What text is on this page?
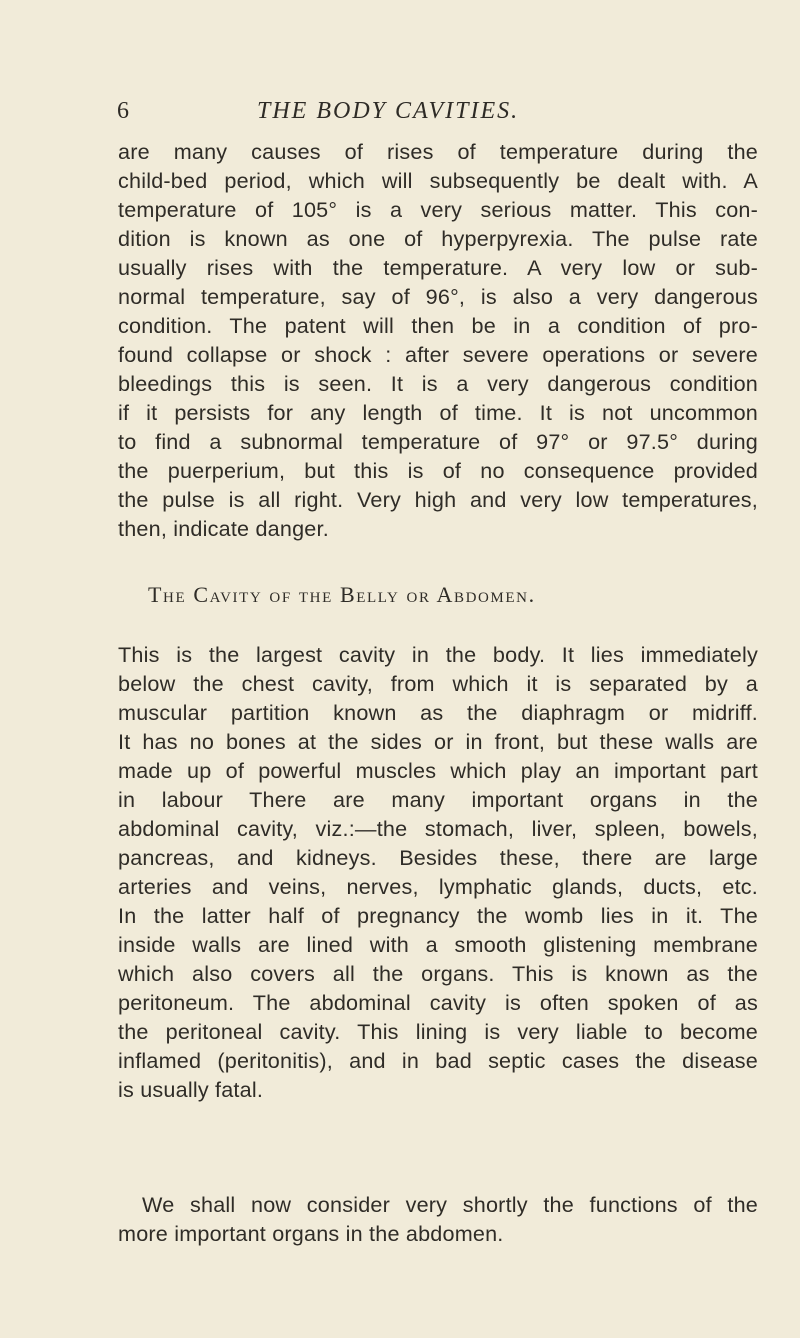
6	THE BODY CAVITIES.
are many causes of rises of temperature during the
child-bed period, which will subsequently be dealt with. A
temperature of 105° is a very serious matter. This con-
dition is known as one of hyperpyrexia. The pulse rate
usually rises with the temperature. A very low or sub-
normal temperature, say of 96°, is also a very dangerous
condition. The patent will then be in a condition of pro-
found collapse or shock : after severe operations or severe
bleedings this is seen. It is a very dangerous condition
if it persists for any length of time. It is not uncommon
to find a subnormal temperature of 97° or 97.5° during
the puerperium, but this is of no consequence provided
the pulse is all right. Very high and very low temperatures,
then, indicate danger.
The Cavity of the Belly or Abdomen.
This is the largest cavity in the body. It lies immediately
below the chest cavity, from which it is separated by a
muscular partition known as the diaphragm or midriff.
It has no bones at the sides or in front, but these walls are
made up of powerful muscles which play an important part
in labour There are many important organs in the
abdominal cavity, viz.:—the stomach, liver, spleen, bowels,
pancreas, and kidneys. Besides these, there are large
arteries and veins, nerves, lymphatic glands, ducts, etc.
In the latter half of pregnancy the womb lies in it. The
inside walls are lined with a smooth glistening membrane
which also covers all the organs. This is known as the
peritoneum. The abdominal cavity is often spoken of as
the peritoneal cavity. This lining is very liable to become
inflamed (peritonitis), and in bad septic cases the disease
is usually fatal.
We shall now consider very shortly the functions of the
more important organs in the abdomen.
